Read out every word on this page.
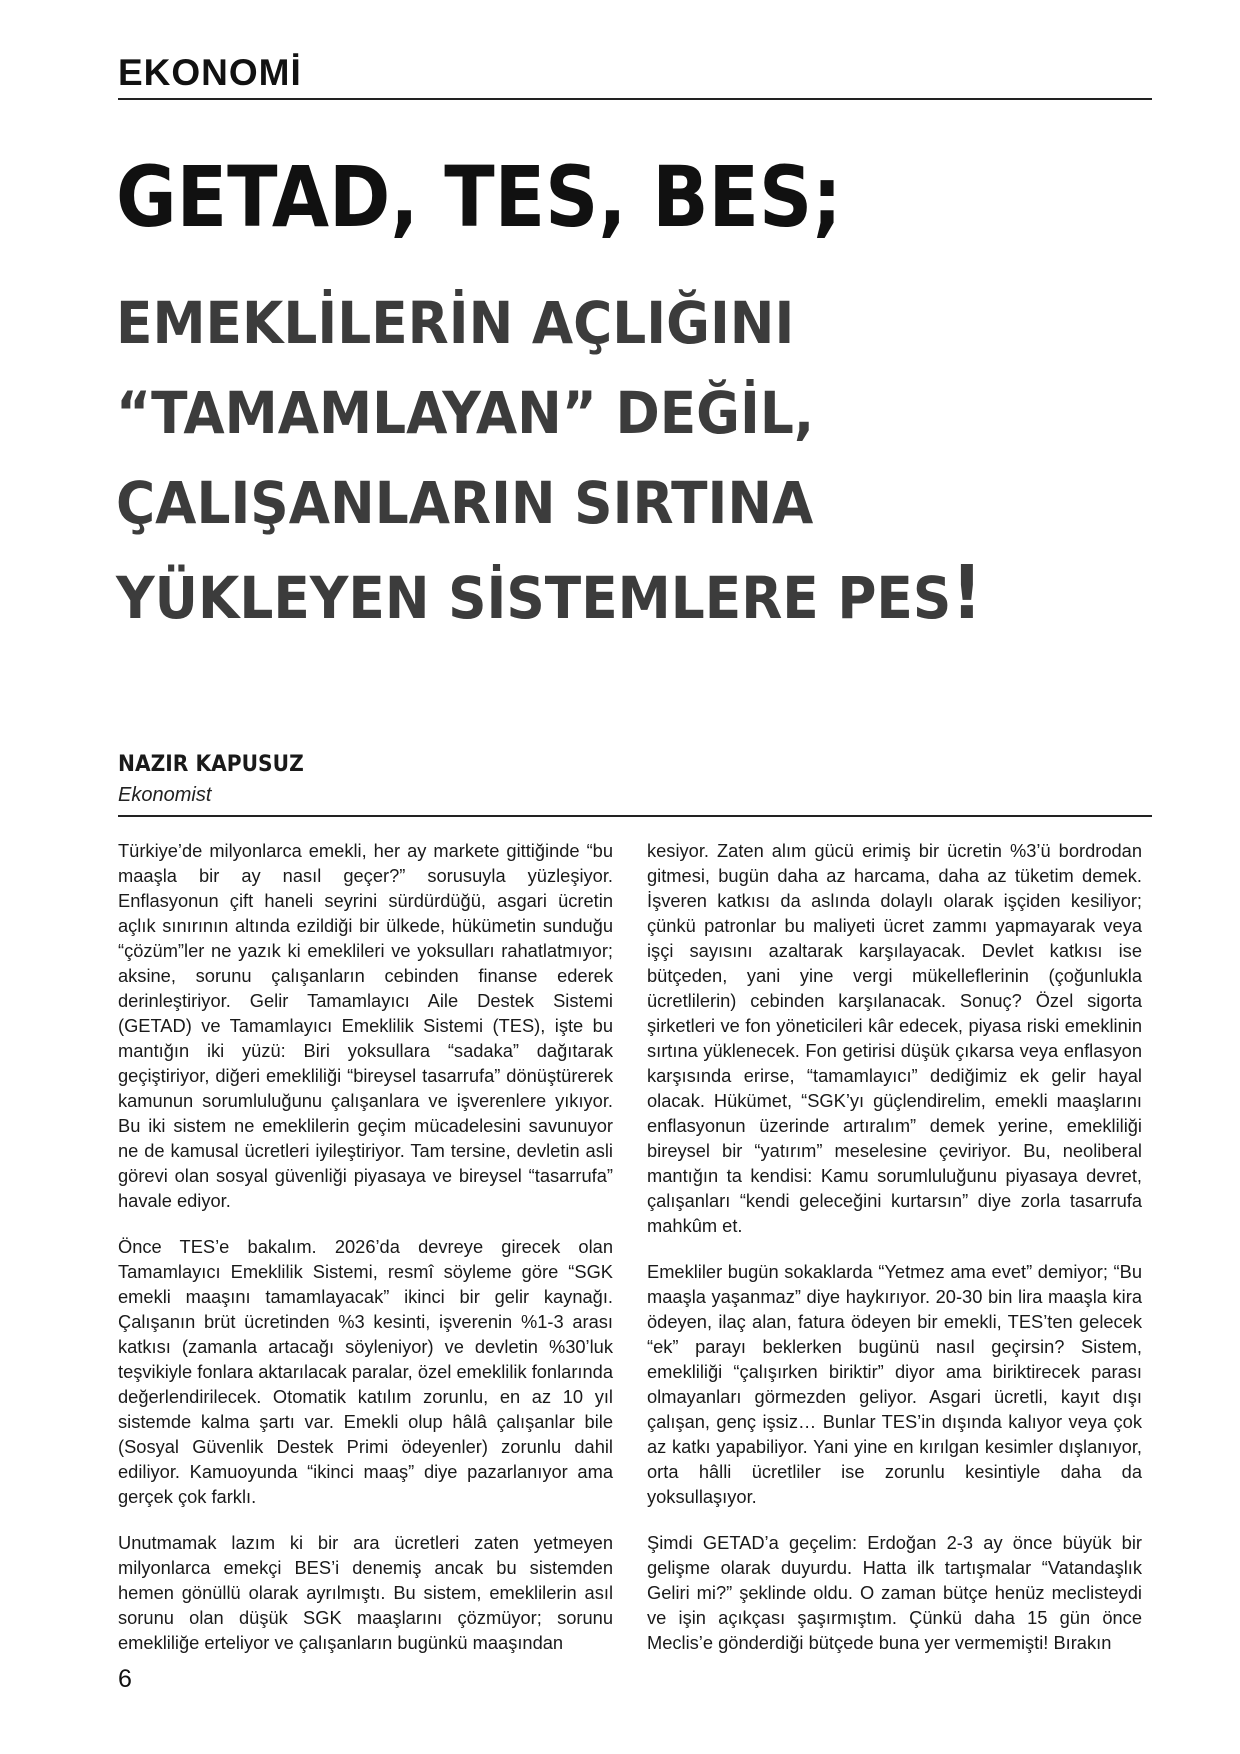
EKONOMİ
GETAD, TES, BES;
EMEKLİLERİN AÇLIĞINI
“TAMAMLAYAN” DEĞİL,
ÇALIŞANLARIN SIRTINA
YÜKLEYEN SİSTEMLERE PES!
NAZIR KAPUSUZ
Ekonomist

Türkiye’de milyonlarca emekli, her ay markete gittiğinde “bu maaşla bir ay nasıl geçer?” sorusuyla yüzleşiyor. Enflasyonun çift haneli seyrini sürdürdüğü, asgari ücretin açlık sınırının altında ezildiği bir ülkede, hükümetin sunduğu “çözüm”ler ne yazık ki emeklileri ve yoksulları rahatlatmıyor; aksine, sorunu çalışanların cebinden finanse ederek derinleştiriyor. Gelir Tamamlayıcı Aile Destek Sistemi (GETAD) ve Tamamlayıcı Emeklilik Sistemi (TES), işte bu mantığın iki yüzü: Biri yoksullara “sadaka” dağıtarak geçiştiriyor, diğeri emekliliği “bireysel tasarrufa” dönüştürerek kamunun sorumluluğunu çalışanlara ve işverenlere yıkıyor. Bu iki sistem ne emeklilerin geçim mücadelesini savunuyor ne de kamusal ücretleri iyileştiriyor. Tam tersine, devletin asli görevi olan sosyal güvenliği piyasaya ve bireysel “tasarrufa” havale ediyor.

Önce TES’e bakalım. 2026’da devreye girecek olan Tamamlayıcı Emeklilik Sistemi, resmî söyleme göre “SGK emekli maaşını tamamlayacak” ikinci bir gelir kaynağı. Çalışanın brüt ücretinden %3 kesinti, işverenin %1-3 arası katkısı (zamanla artacağı söyleniyor) ve devletin %30’luk teşvikiyle fonlara aktarılacak paralar, özel emeklilik fonlarında değerlendirilecek. Otomatik katılım zorunlu, en az 10 yıl sistemde kalma şartı var. Emekli olup hâlâ çalışanlar bile (Sosyal Güvenlik Destek Primi ödeyenler) zorunlu dahil ediliyor. Kamuoyunda “ikinci maaş” diye pazarlanıyor ama gerçek çok farklı.

Unutmamak lazım ki bir ara ücretleri zaten yetmeyen milyonlarca emekçi BES’i denemiş ancak bu sistemden hemen gönüllü olarak ayrılmıştı. Bu sistem, emeklilerin asıl sorunu olan düşük SGK maaşlarını çözmüyor; sorunu emekliliğe erteliyor ve çalışanların bugünkü maaşından

kesiyor. Zaten alım gücü erimiş bir ücretin %3’ü bordrodan gitmesi, bugün daha az harcama, daha az tüketim demek. İşveren katkısı da aslında dolaylı olarak işçiden kesiliyor; çünkü patronlar bu maliyeti ücret zammı yapmayarak veya işçi sayısını azaltarak karşılayacak. Devlet katkısı ise bütçeden, yani yine vergi mükelleflerinin (çoğunlukla ücretlilerin) cebinden karşılanacak. Sonuç? Özel sigorta şirketleri ve fon yöneticileri kâr edecek, piyasa riski emeklinin sırtına yüklenecek. Fon getirisi düşük çıkarsa veya enflasyon karşısında erirse, “tamamlayıcı” dediğimiz ek gelir hayal olacak. Hükümet, “SGK’yı güçlendirelim, emekli maaşlarını enflasyonun üzerinde artıralım” demek yerine, emekliliği bireysel bir “yatırım” meselesine çeviriyor. Bu, neoliberal mantığın ta kendisi: Kamu sorumluluğunu piyasaya devret, çalışanları “kendi geleceğini kurtarsın” diye zorla tasarrufa mahkûm et.

Emekliler bugün sokaklarda “Yetmez ama evet” demiyor; “Bu maaşla yaşanmaz” diye haykırıyor. 20-30 bin lira maaşla kira ödeyen, ilaç alan, fatura ödeyen bir emekli, TES’ten gelecek “ek” parayı beklerken bugünü nasıl geçirsin? Sistem, emekliliği “çalışırken biriktir” diyor ama biriktirecek parası olmayanları görmezden geliyor. Asgari ücretli, kayıt dışı çalışan, genç işsiz… Bunlar TES’in dışında kalıyor veya çok az katkı yapabiliyor. Yani yine en kırılgan kesimler dışlanıyor, orta hâlli ücretliler ise zorunlu kesintiyle daha da yoksullaşıyor.

Şimdi GETAD’a geçelim: Erdoğan 2-3 ay önce büyük bir gelişme olarak duyurdu. Hatta ilk tartışmalar “Vatandaşlık Geliri mi?” şeklinde oldu. O zaman bütçe henüz meclisteydi ve işin açıkçası şaşırmıştım. Çünkü daha 15 gün önce Meclis’e gönderdiği bütçede buna yer vermemişti! Bırakın

6
